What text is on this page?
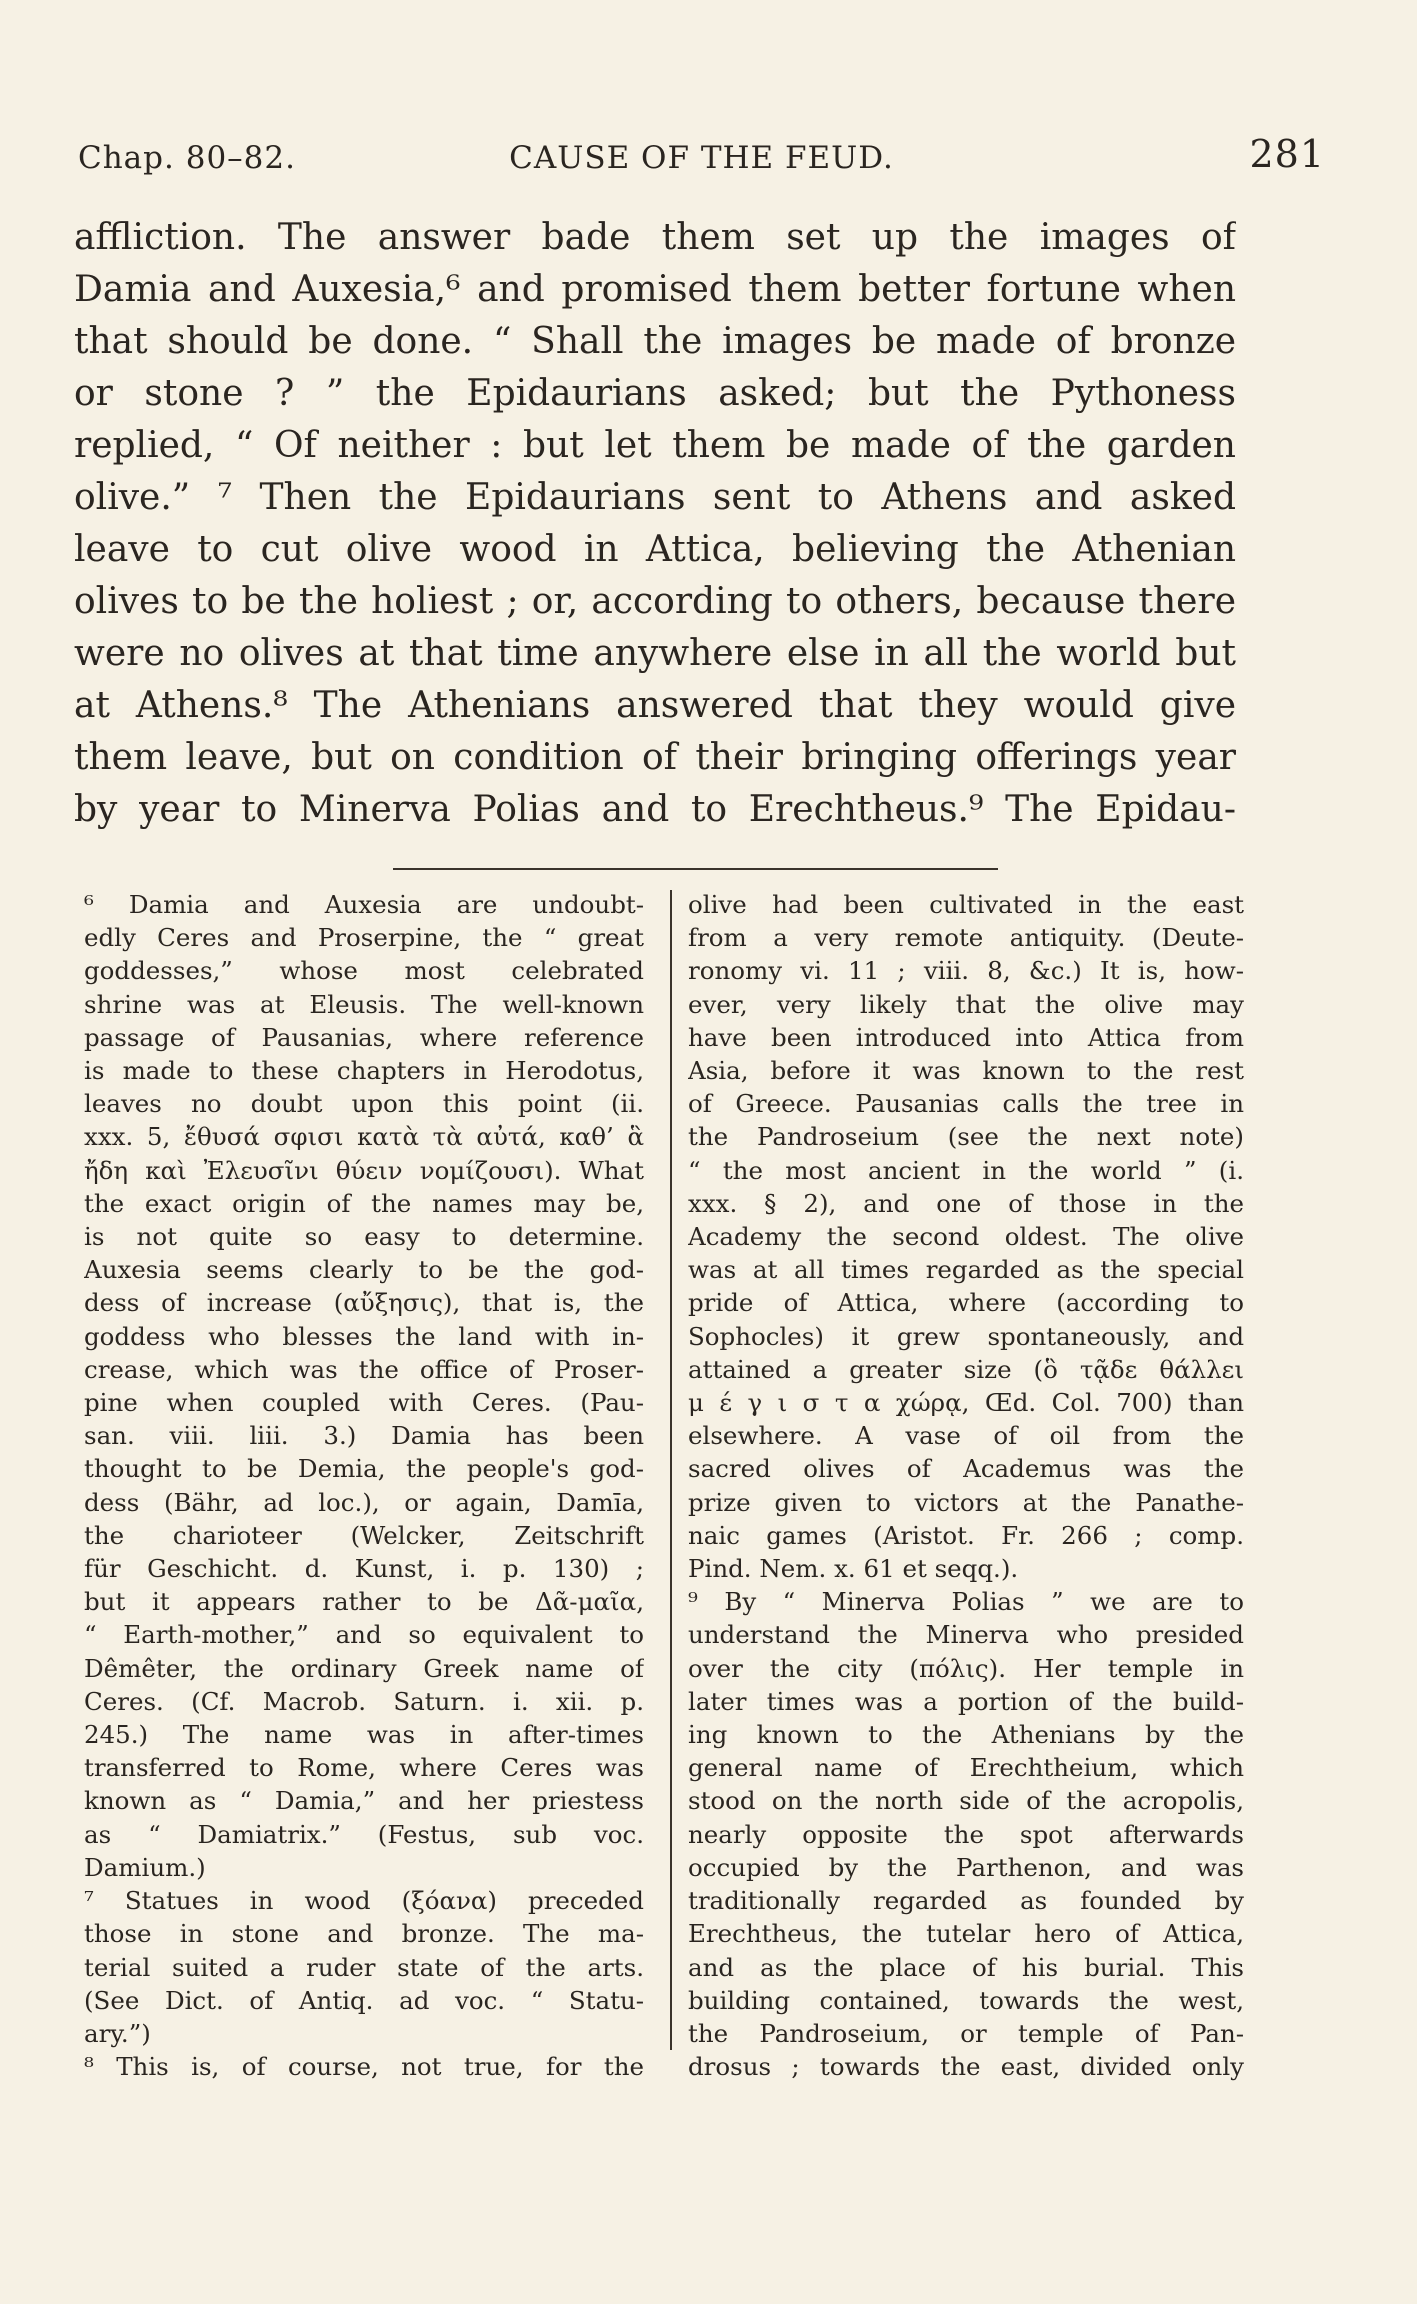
Chap. 80–82.	CAUSE OF THE FEUD.	281
affliction. The answer bade them set up the images of
Damia and Auxesia,⁶ and promised them better fortune when
that should be done. “ Shall the images be made of bronze
or stone ? ” the Epidaurians asked; but the Pythoness
replied, “ Of neither : but let them be made of the garden
olive.” ⁷ Then the Epidaurians sent to Athens and asked
leave to cut olive wood in Attica, believing the Athenian
olives to be the holiest ; or, according to others, because there
were no olives at that time anywhere else in all the world but
at Athens.⁸ The Athenians answered that they would give
them leave, but on condition of their bringing offerings year
by year to Minerva Polias and to Erechtheus.⁹ The Epidau-
⁶ Damia and Auxesia are undoubt-
edly Ceres and Proserpine, the “ great
goddesses,” whose most celebrated
shrine was at Eleusis. The well-known
passage of Pausanias, where reference
is made to these chapters in Herodotus,
leaves no doubt upon this point (ii.
xxx. 5, ἔθυσά σφισι κατὰ τὰ αὐτά, καθ’ ἃ
ἤδη καὶ Ἐλευσῖνι θύειν νομίζουσι). What
the exact origin of the names may be,
is not quite so easy to determine.
Auxesia seems clearly to be the god-
dess of increase (αὔξησις), that is, the
goddess who blesses the land with in-
crease, which was the office of Proser-
pine when coupled with Ceres. (Pau-
san. viii. liii. 3.) Damia has been
thought to be Demia, the people's god-
dess (Bähr, ad loc.), or again, Damīa,
the charioteer (Welcker, Zeitschrift
für Geschicht. d. Kunst, i. p. 130) ;
but it appears rather to be Δᾶ-μαῖα,
“ Earth-mother,” and so equivalent to
Dêmêter, the ordinary Greek name of
Ceres. (Cf. Macrob. Saturn. i. xii. p.
245.) The name was in after-times
transferred to Rome, where Ceres was
known as “ Damia,” and her priestess
as “ Damiatrix.” (Festus, sub voc.
Damium.)
⁷ Statues in wood (ξόανα) preceded
those in stone and bronze. The ma-
terial suited a ruder state of the arts.
(See Dict. of Antiq. ad voc. “ Statu-
ary.”)
⁸ This is, of course, not true, for the
olive had been cultivated in the east
from a very remote antiquity. (Deute-
ronomy vi. 11 ; viii. 8, &c.) It is, how-
ever, very likely that the olive may
have been introduced into Attica from
Asia, before it was known to the rest
of Greece. Pausanias calls the tree in
the Pandroseium (see the next note)
“ the most ancient in the world ” (i.
xxx. § 2), and one of those in the
Academy the second oldest. The olive
was at all times regarded as the special
pride of Attica, where (according to
Sophocles) it grew spontaneously, and
attained a greater size (ὃ τᾷδε θάλλει
μ έ γ ι σ τ α χώρᾳ, Œd. Col. 700) than
elsewhere. A vase of oil from the
sacred olives of Academus was the
prize given to victors at the Panathe-
naic games (Aristot. Fr. 266 ; comp.
Pind. Nem. x. 61 et seqq.).
⁹ By “ Minerva Polias ” we are to
understand the Minerva who presided
over the city (πόλις). Her temple in
later times was a portion of the build-
ing known to the Athenians by the
general name of Erechtheium, which
stood on the north side of the acropolis,
nearly opposite the spot afterwards
occupied by the Parthenon, and was
traditionally regarded as founded by
Erechtheus, the tutelar hero of Attica,
and as the place of his burial. This
building contained, towards the west,
the Pandroseium, or temple of Pan-
drosus ; towards the east, divided only
